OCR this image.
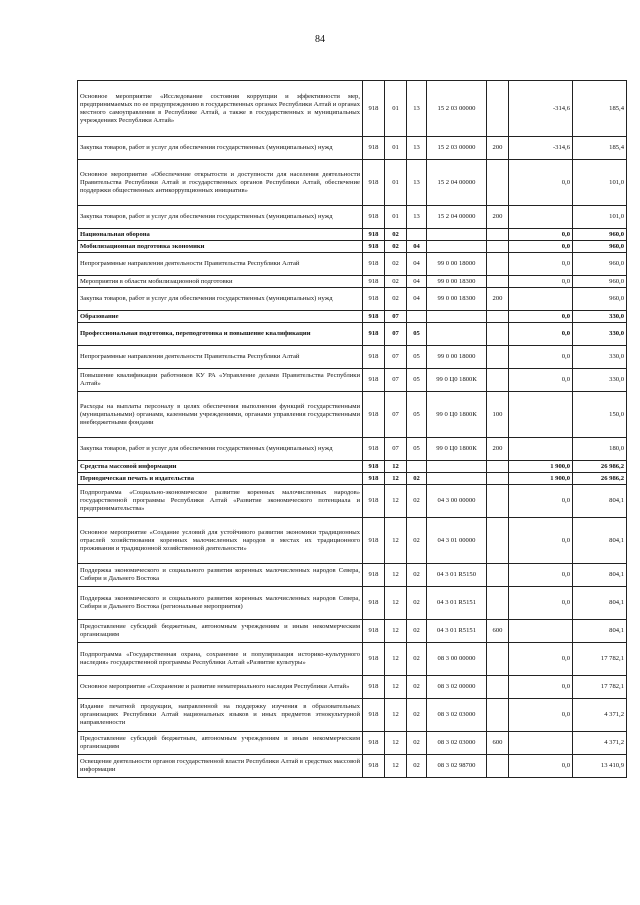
84
Основное мероприятие «Исследование состояния коррупции и эффективности мер, предпринимаемых по ее предупреждению в государственных органах Республики Алтай и органах местного самоуправления в Республике Алтай, а также в государственных и муниципальных учреждениях Республики Алтай»	918	01	13	15 2 03 00000		-314,6	185,4
Закупка товаров, работ и услуг для обеспечения государственных (муниципальных) нужд	918	01	13	15 2 03 00000	200	-314,6	185,4
Основное мероприятие «Обеспечение открытости и доступности для населения деятельности Правительства Республики Алтай и государственных органов Республики Алтай, обеспечение поддержки общественных антикоррупционных инициатив»	918	01	13	15 2 04 00000		0,0	101,0
Закупка товаров, работ и услуг для обеспечения государственных (муниципальных) нужд	918	01	13	15 2 04 00000	200		101,0
Национальная оборона	918	02				0,0	960,0
Мобилизационная подготовка экономики	918	02	04			0,0	960,0
Непрограммные направления деятельности Правительства Республики Алтай	918	02	04	99 0 00 18000		0,0	960,0
Мероприятия в области мобилизационной подготовки	918	02	04	99 0 00 18300		0,0	960,0
Закупка товаров, работ и услуг для обеспечения государственных (муниципальных) нужд	918	02	04	99 0 00 18300	200		960,0
Образование	918	07				0,0	330,0
Профессиональная подготовка, переподготовка и повышение квалификации	918	07	05			0,0	330,0
Непрограммные направления деятельности Правительства Республики Алтай	918	07	05	99 0 00 18000		0,0	330,0
Повышение квалификации работников КУ РА «Управление делами Правительства Республики Алтай»	918	07	05	99 0 Ц0 1800К		0,0	330,0
Расходы на выплаты персоналу в целях обеспечения выполнения функций государственными (муниципальными) органами, казенными учреждениями, органами управления государственными внебюджетными фондами	918	07	05	99 0 Ц0 1800К	100		150,0
Закупка товаров, работ и услуг для обеспечения государственных (муниципальных) нужд	918	07	05	99 0 Ц0 1800К	200		180,0
Средства массовой информации	918	12				1 900,0	26 986,2
Периодическая печать и издательства	918	12	02			1 900,0	26 986,2
Подпрограмма «Социально-экономическое развитие коренных малочисленных народов» государственной программы Республики Алтай «Развитие экономического потенциала и предпринимательства»	918	12	02	04 3 00 00000		0,0	804,1
Основное мероприятие «Создание условий для устойчивого развития экономики традиционных отраслей хозяйствования коренных малочисленных народов в местах их традиционного проживания и традиционной хозяйственной деятельности»	918	12	02	04 3 01 00000		0,0	804,1
Поддержка экономического и социального развития коренных малочисленных народов Севера, Сибири и Дальнего Востока	918	12	02	04 3 01 R5150		0,0	804,1
Поддержка экономического и социального развития коренных малочисленных народов Севера, Сибири и Дальнего Востока (региональные мероприятия)	918	12	02	04 3 01 R5151		0,0	804,1
Предоставление субсидий бюджетным, автономным учреждениям и иным некоммерческим организациям	918	12	02	04 3 01 R5151	600		804,1
Подпрограмма «Государственная охрана, сохранение и популяризация историко-культурного наследия» государственной программы Республики Алтай «Развитие культуры»	918	12	02	08 3 00 00000		0,0	17 782,1
Основное мероприятие «Сохранение и развитие нематериального наследия Республики Алтай»	918	12	02	08 3 02 00000		0,0	17 782,1
Издание печатной продукции, направленной на поддержку изучения в образовательных организациях Республики Алтай национальных языков и иных предметов этнокультурной направленности	918	12	02	08 3 02 03000		0,0	4 371,2
Предоставление субсидий бюджетным, автономным учреждениям и иным некоммерческим организациям	918	12	02	08 3 02 03000	600		4 371,2
Освещение деятельности органов государственной власти Республики Алтай в средствах массовой информации	918	12	02	08 3 02 98700		0,0	13 410,9
